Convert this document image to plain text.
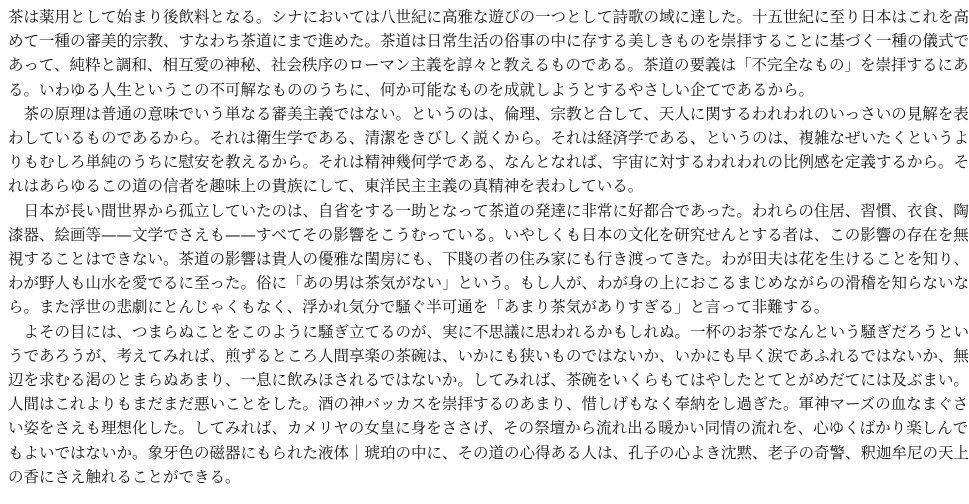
茶は薬用として始まり後飲料となる。シナにおいては八世紀に高雅な遊びの一つとして詩歌の域に達した。十五世紀に至り日本はこれを高
めて一種の審美的宗教、すなわち茶道にまで進めた。茶道は日常生活の俗事の中に存する美しきものを崇拝することに基づく一種の儀式で
あって、純粋と調和、相互愛の神秘、社会秩序のローマン主義を諄々と教えるものである。茶道の要義は「不完全なもの」を崇拝するにあ
る。いわゆる人生というこの不可解なもののうちに、何か可能なものを成就しようとするやさしい企てであるから。

　茶の原理は普通の意味でいう単なる審美主義ではない。というのは、倫理、宗教と合して、天人に関するわれわれのいっさいの見解を表
わしているものであるから。それは衛生学である、清潔をきびしく説くから。それは経済学である、というのは、複雑なぜいたくというよ
りもむしろ単純のうちに慰安を教えるから。それは精神幾何学である、なんとなれば、宇宙に対するわれわれの比例感を定義するから。そ
れはあらゆるこの道の信者を趣味上の貴族にして、東洋民主主義の真精神を表わしている。

　日本が長い間世界から孤立していたのは、自省をする一助となって茶道の発達に非常に好都合であった。われらの住居、習慣、衣食、陶
漆器、絵画等——文学でさえも——すべてその影響をこうむっている。いやしくも日本の文化を研究せんとする者は、この影響の存在を無
視することはできない。茶道の影響は貴人の優雅な閨房にも、下賤の者の住み家にも行き渡ってきた。わが田夫は花を生けることを知り、
わが野人も山水を愛でるに至った。俗に「あの男は茶気がない」という。もし人が、わが身の上におこるまじめながらの滑稽を知らないな
ら。また浮世の悲劇にとんじゃくもなく、浮かれ気分で騒ぐ半可通を「あまり茶気がありすぎる」と言って非難する。

　よその目には、つまらぬことをこのように騒ぎ立てるのが、実に不思議に思われるかもしれぬ。一杯のお茶でなんという騒ぎだろうとい
うであろうが、考えてみれば、煎ずるところ人間享楽の茶碗は、いかにも狭いものではないか、いかにも早く涙であふれるではないか、無
辺を求むる渇のとまらぬあまり、一息に飲みほされるではないか。してみれば、茶碗をいくらもてはやしたとてとがめだてには及ぶまい。
人間はこれよりもまだまだ悪いことをした。酒の神バッカスを崇拝するのあまり、惜しげもなく奉納をし過ぎた。軍神マーズの血なまぐさ
い姿をさえも理想化した。してみれば、カメリヤの女皇に身をささげ、その祭壇から流れ出る暖かい同情の流れを、心ゆくばかり楽しんで
もよいではないか。象牙色の磁器にもられた液体｜琥珀の中に、その道の心得ある人は、孔子の心よき沈黙、老子の奇警、釈迦牟尼の天上
の香にさえ触れることができる。
